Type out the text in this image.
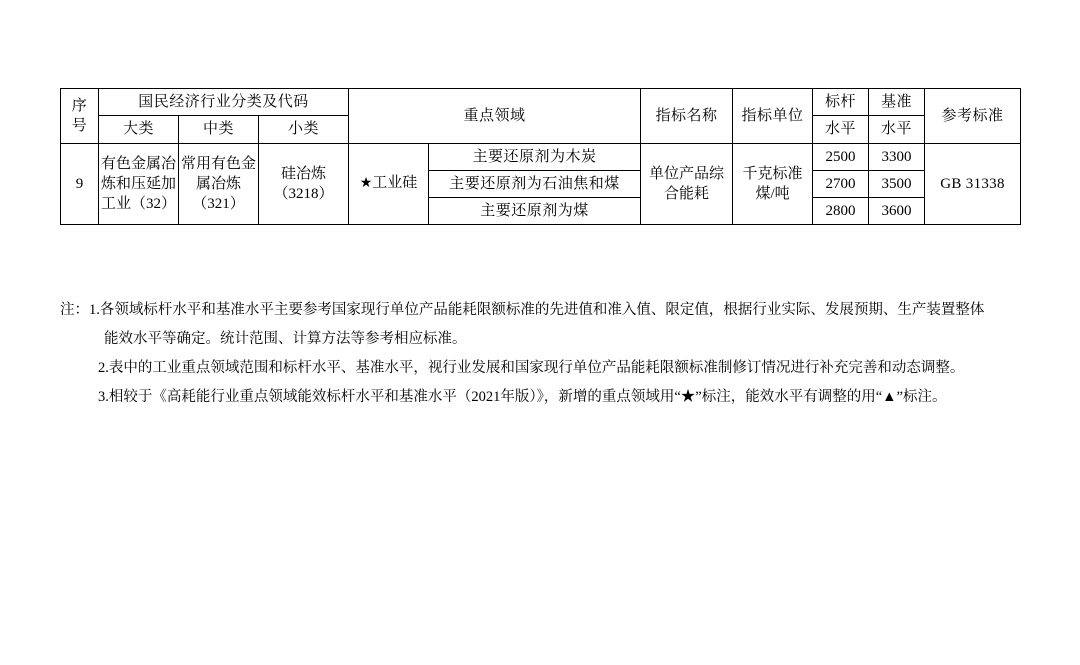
序
号	国民经济行业分类及代码			重点领域		指标名称	指标单位	标杆	基准	参考标准
	大类	中类	小类					水平	水平	
9	有色金属冶炼和压延加工业（32）	常用有色金属冶炼（321）	硅冶炼（3218）	★工业硅	主要还原剂为木炭	单位产品综合能耗	千克标准煤/吨	2500	3300	GB 31338
					主要还原剂为石油焦和煤			2700	3500	
					主要还原剂为煤			2800	3600	
注： 1. 各领域标杆水平和基准水平主要参考国家现行单位产品能耗限额标准的先进值和准入值、限定值，根据行业实际、发展预期、生产装置整体
能效水平等确定。统计范围、计算方法等参考相应标准。
2. 表中的工业重点领域范围和标杆水平、基准水平，视行业发展和国家现行单位产品能耗限额标准制修订情况进行补充完善和动态调整。
3. 相较于《高耗能行业重点领域能效标杆水平和基准水平（2021年版）》，新增的重点领域用“★”标注，能效水平有调整的用“▲”标注。
